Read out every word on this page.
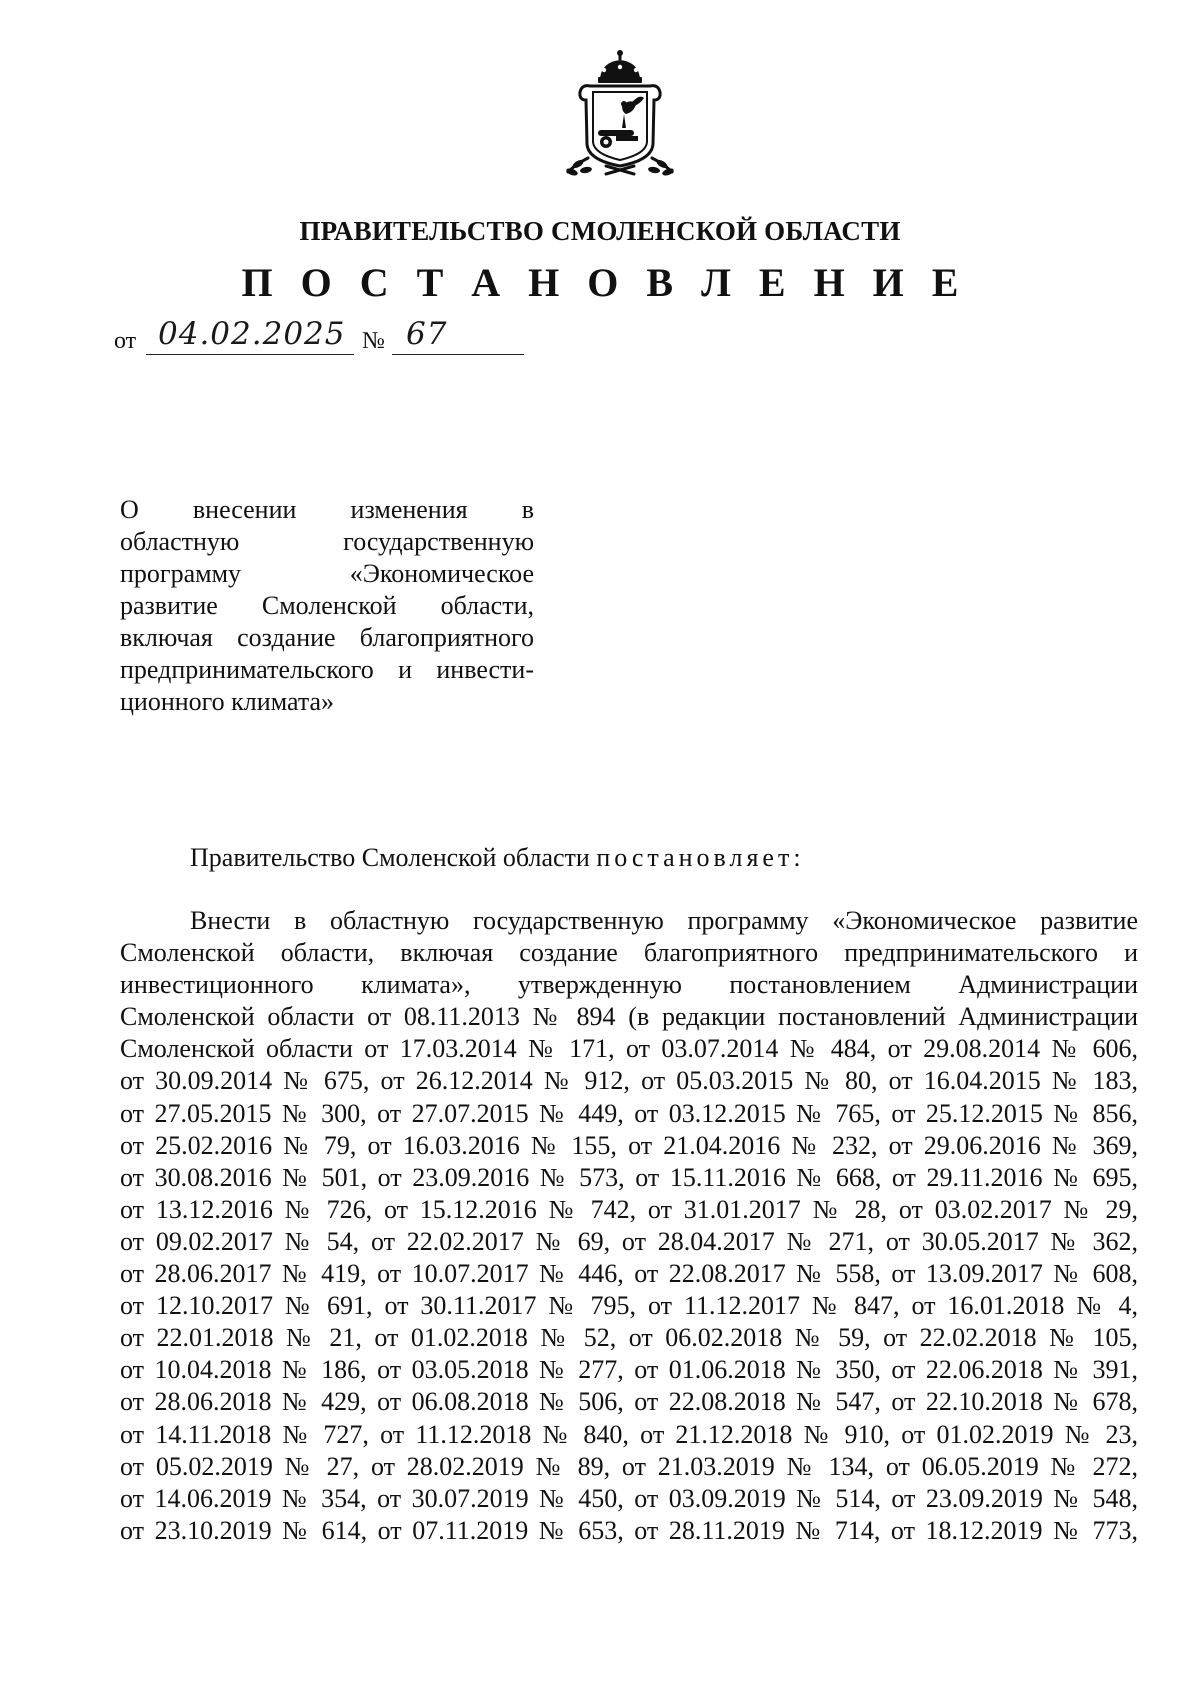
ПРАВИТЕЛЬСТВО СМОЛЕНСКОЙ ОБЛАСТИ
П О С Т А Н О В Л Е Н И Е
от 04.02.2025 № 67
О внесении изменения в
областную государственную
программу «Экономическое
развитие Смоленской области,
включая создание благоприятного
предпринимательского и инвести-
ционного климата»
Правительство Смоленской области постановляет:
Внести в областную государственную программу «Экономическое развитие
Смоленской области, включая создание благоприятного предпринимательского и
инвестиционного климата», утвержденную постановлением Администрации
Смоленской области от 08.11.2013 № 894 (в редакции постановлений Администрации
Смоленской области от 17.03.2014 № 171, от 03.07.2014 № 484, от 29.08.2014 № 606,
от 30.09.2014 № 675, от 26.12.2014 № 912, от 05.03.2015 № 80, от 16.04.2015 № 183,
от 27.05.2015 № 300, от 27.07.2015 № 449, от 03.12.2015 № 765, от 25.12.2015 № 856,
от 25.02.2016 № 79, от 16.03.2016 № 155, от 21.04.2016 № 232, от 29.06.2016 № 369,
от 30.08.2016 № 501, от 23.09.2016 № 573, от 15.11.2016 № 668, от 29.11.2016 № 695,
от 13.12.2016 № 726, от 15.12.2016 № 742, от 31.01.2017 № 28, от 03.02.2017 № 29,
от 09.02.2017 № 54, от 22.02.2017 № 69, от 28.04.2017 № 271, от 30.05.2017 № 362,
от 28.06.2017 № 419, от 10.07.2017 № 446, от 22.08.2017 № 558, от 13.09.2017 № 608,
от 12.10.2017 № 691, от 30.11.2017 № 795, от 11.12.2017 № 847, от 16.01.2018 № 4,
от 22.01.2018 № 21, от 01.02.2018 № 52, от 06.02.2018 № 59, от 22.02.2018 № 105,
от 10.04.2018 № 186, от 03.05.2018 № 277, от 01.06.2018 № 350, от 22.06.2018 № 391,
от 28.06.2018 № 429, от 06.08.2018 № 506, от 22.08.2018 № 547, от 22.10.2018 № 678,
от 14.11.2018 № 727, от 11.12.2018 № 840, от 21.12.2018 № 910, от 01.02.2019 № 23,
от 05.02.2019 № 27, от 28.02.2019 № 89, от 21.03.2019 № 134, от 06.05.2019 № 272,
от 14.06.2019 № 354, от 30.07.2019 № 450, от 03.09.2019 № 514, от 23.09.2019 № 548,
от 23.10.2019 № 614, от 07.11.2019 № 653, от 28.11.2019 № 714, от 18.12.2019 № 773,
